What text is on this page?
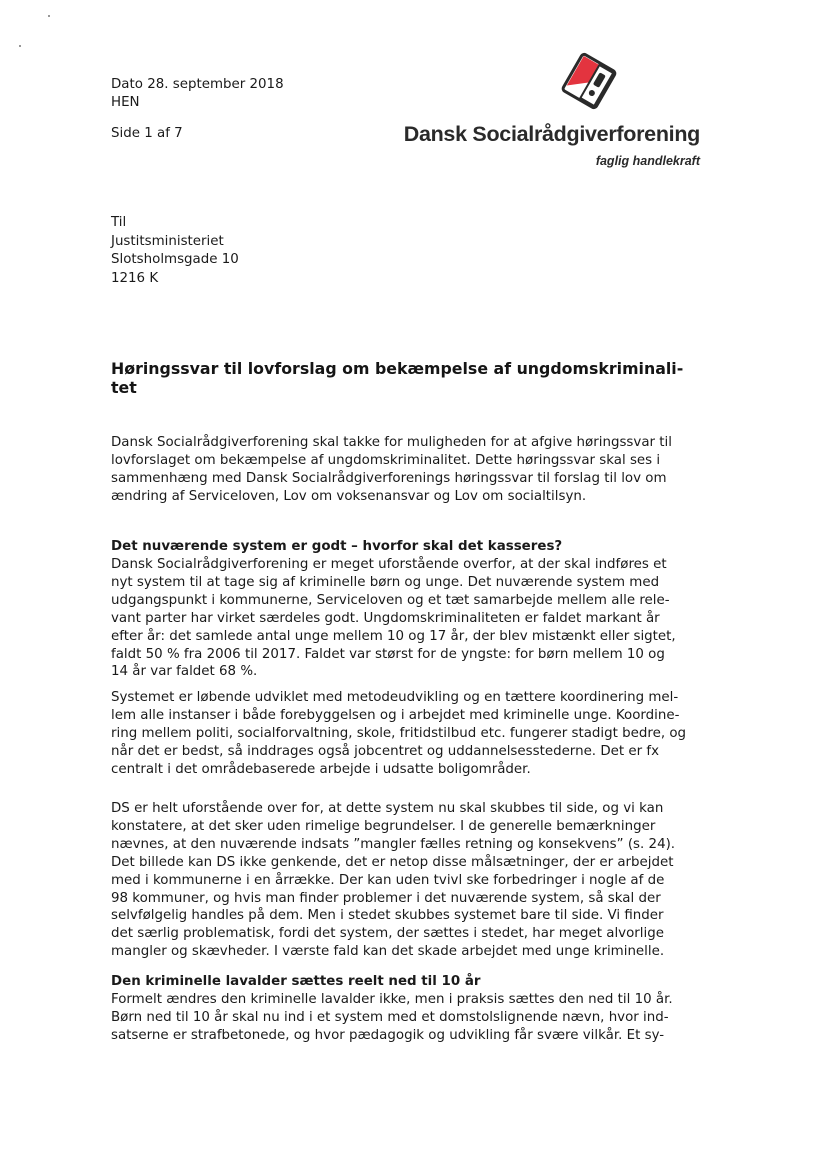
Dato 28. september 2018
HEN
Side 1 af 7	Dansk Socialrådgiverforening
faglig handlekraft
Til
Justitsministeriet
Slotsholmsgade 10
1216 K
Høringssvar til lovforslag om bekæmpelse af ungdomskriminali-
tet
Dansk Socialrådgiverforening skal takke for muligheden for at afgive høringssvar til
lovforslaget om bekæmpelse af ungdomskriminalitet. Dette høringssvar skal ses i
sammenhæng med Dansk Socialrådgiverforenings høringssvar til forslag til lov om
ændring af Serviceloven, Lov om voksenansvar og Lov om socialtilsyn.
Det nuværende system er godt – hvorfor skal det kasseres?
Dansk Socialrådgiverforening er meget uforstående overfor, at der skal indføres et
nyt system til at tage sig af kriminelle børn og unge. Det nuværende system med
udgangspunkt i kommunerne, Serviceloven og et tæt samarbejde mellem alle rele-
vant parter har virket særdeles godt. Ungdomskriminaliteten er faldet markant år
efter år: det samlede antal unge mellem 10 og 17 år, der blev mistænkt eller sigtet,
faldt 50 % fra 2006 til 2017. Faldet var størst for de yngste: for børn mellem 10 og
14 år var faldet 68 %.
Systemet er løbende udviklet med metodeudvikling og en tættere koordinering mel-
lem alle instanser i både forebyggelsen og i arbejdet med kriminelle unge. Koordine-
ring mellem politi, socialforvaltning, skole, fritidstilbud etc. fungerer stadigt bedre, og
når det er bedst, så inddrages også jobcentret og uddannelsesstederne. Det er fx
centralt i det områdebaserede arbejde i udsatte boligområder.
DS er helt uforstående over for, at dette system nu skal skubbes til side, og vi kan
konstatere, at det sker uden rimelige begrundelser. I de generelle bemærkninger
nævnes, at den nuværende indsats ”mangler fælles retning og konsekvens” (s. 24).
Det billede kan DS ikke genkende, det er netop disse målsætninger, der er arbejdet
med i kommunerne i en årrække. Der kan uden tvivl ske forbedringer i nogle af de
98 kommuner, og hvis man finder problemer i det nuværende system, så skal der
selvfølgelig handles på dem. Men i stedet skubbes systemet bare til side. Vi finder
det særlig problematisk, fordi det system, der sættes i stedet, har meget alvorlige
mangler og skævheder. I værste fald kan det skade arbejdet med unge kriminelle.
Den kriminelle lavalder sættes reelt ned til 10 år
Formelt ændres den kriminelle lavalder ikke, men i praksis sættes den ned til 10 år.
Børn ned til 10 år skal nu ind i et system med et domstolslignende nævn, hvor ind-
satserne er strafbetonede, og hvor pædagogik og udvikling får svære vilkår. Et sy-
